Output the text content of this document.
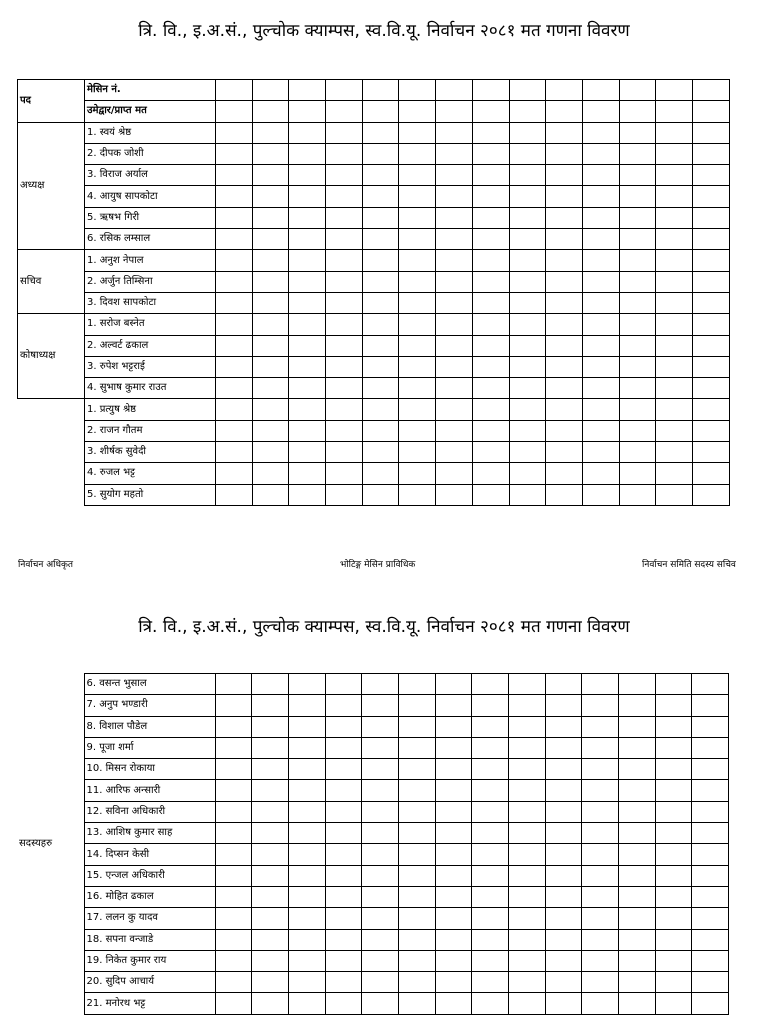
त्रि. वि., इ.अ.सं., पुल्चोक क्याम्पस, स्व.वि.यू. निर्वाचन २०८१ मत गणना विवरण
पद	मेसिन नं.														
	उमेद्वार/प्राप्त मत														
अध्यक्ष	1. स्वयं श्रेष्ठ														
	2. दीपक जोशी														
	3. विराज अर्याल														
	4. आयुष सापकोटा														
	5. ऋषभ गिरी														
	6. रसिक लम्साल														
सचिव	1. अनुश नेपाल														
	2. अर्जुन तिम्सिना														
	3. दिवश सापकोटा														
कोषाध्यक्ष	1. सरोज बस्नेत														
	2. अल्वर्ट ढकाल														
	3. रुपेश भट्टराई														
	4. सुभाष कुमार राउत														
	1. प्रत्युष श्रेष्ठ														
	2. राजन गौतम														
	3. शीर्षक सुवेदी														
	4. रुजल भट्ट														
	5. सुयोग महतो														
निर्वाचन अधिकृत	भोटिङ्ग मेसिन प्राविधिक	निर्वाचन समिति सदस्य सचिव
त्रि. वि., इ.अ.सं., पुल्चोक क्याम्पस, स्व.वि.यू. निर्वाचन २०८१ मत गणना विवरण
सदस्यहरु	6. वसन्त भुसाल														
	7. अनुप भण्डारी														
	8. विशाल पौडेल														
	9. पूजा शर्मा														
	10. मिसन रोकाया														
	11. आरिफ अन्सारी														
	12. सविना अधिकारी														
	13. आशिष कुमार साह														
	14. दिप्सन केसी														
	15. एन्जल अधिकारी														
	16. मोहित ढकाल														
	17. ललन कु यादव														
	18. सपना वन्जाडे														
	19. निकेत कुमार राय														
	20. सुदिप आचार्य														
	21. मनोरथ भट्ट														
